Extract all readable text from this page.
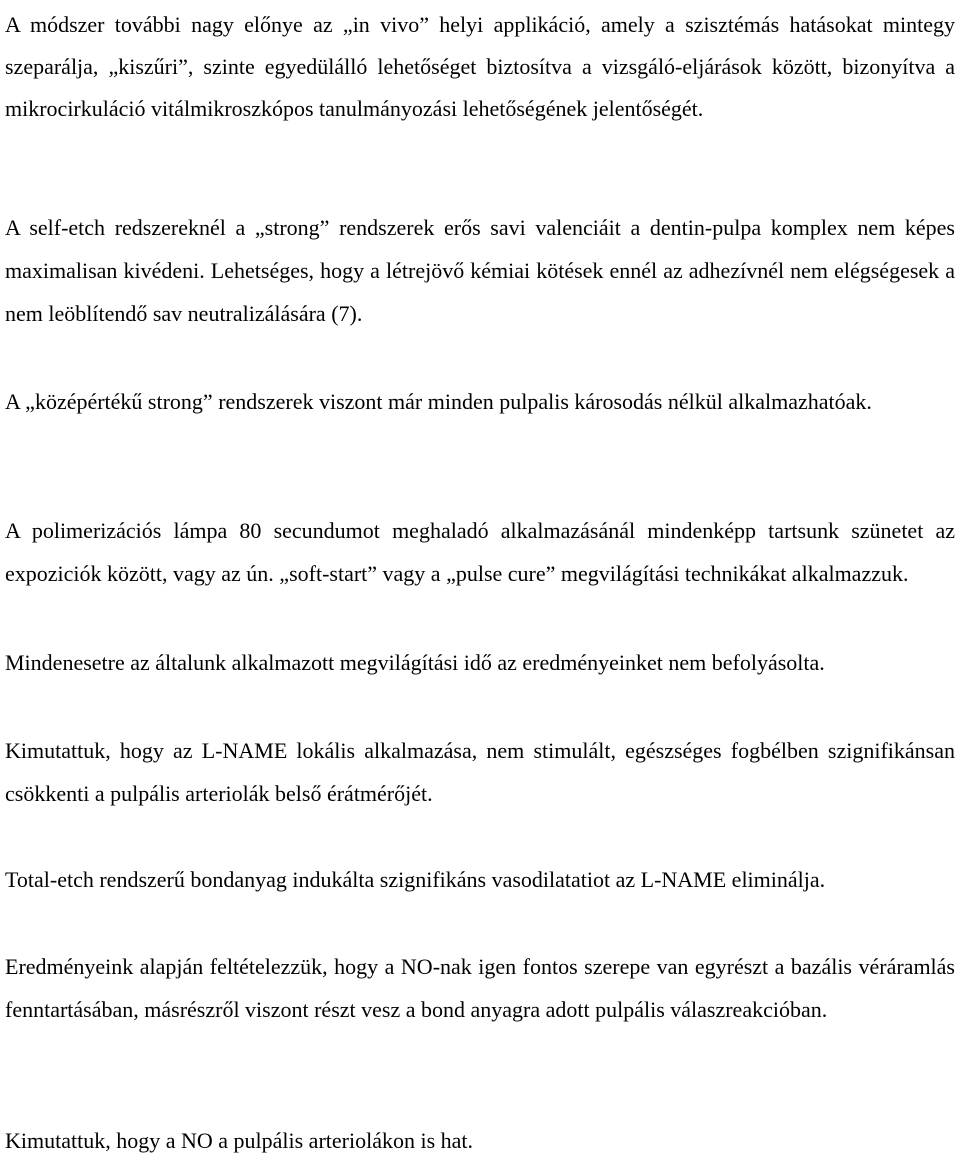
A módszer további nagy előnye az „in vivo” helyi applikáció, amely a szisztémás hatásokat mintegy szeparálja, „kiszűri”, szinte egyedülálló lehetőséget biztosítva a vizsgáló-eljárások között, bizonyítva a mikrocirkuláció vitálmikroszkópos tanulmányozási lehetőségének jelentőségét.

A self-etch redszereknél a „strong” rendszerek erős savi valenciáit a dentin-pulpa komplex nem képes maximalisan kivédeni. Lehetséges, hogy a létrejövő kémiai kötések ennél az adhezívnél nem elégségesek a nem leöblítendő sav neutralizálására (7).

A „középértékű strong” rendszerek viszont már minden pulpalis károsodás nélkül alkalmazhatóak.

A polimerizációs lámpa 80 secundumot meghaladó alkalmazásánál mindenképp tartsunk szünetet az expoziciók között, vagy az ún. „soft-start” vagy a „pulse cure” megvilágítási technikákat alkalmazzuk.

Mindenesetre az általunk alkalmazott megvilágítási idő az eredményeinket nem befolyásolta.

Kimutattuk, hogy az L-NAME lokális alkalmazása, nem stimulált, egészséges fogbélben szignifikánsan csökkenti a pulpális arteriolák belső érátmérőjét.

Total-etch rendszerű bondanyag indukálta szignifikáns vasodilatatiot az L-NAME eliminálja.

Eredményeink alapján feltételezzük, hogy a NO-nak igen fontos szerepe van egyrészt a bazális véráramlás fenntartásában, másrészről viszont részt vesz a bond anyagra adott pulpális válaszreakcióban.

Kimutattuk, hogy a NO a pulpális arteriolákon is hat.
